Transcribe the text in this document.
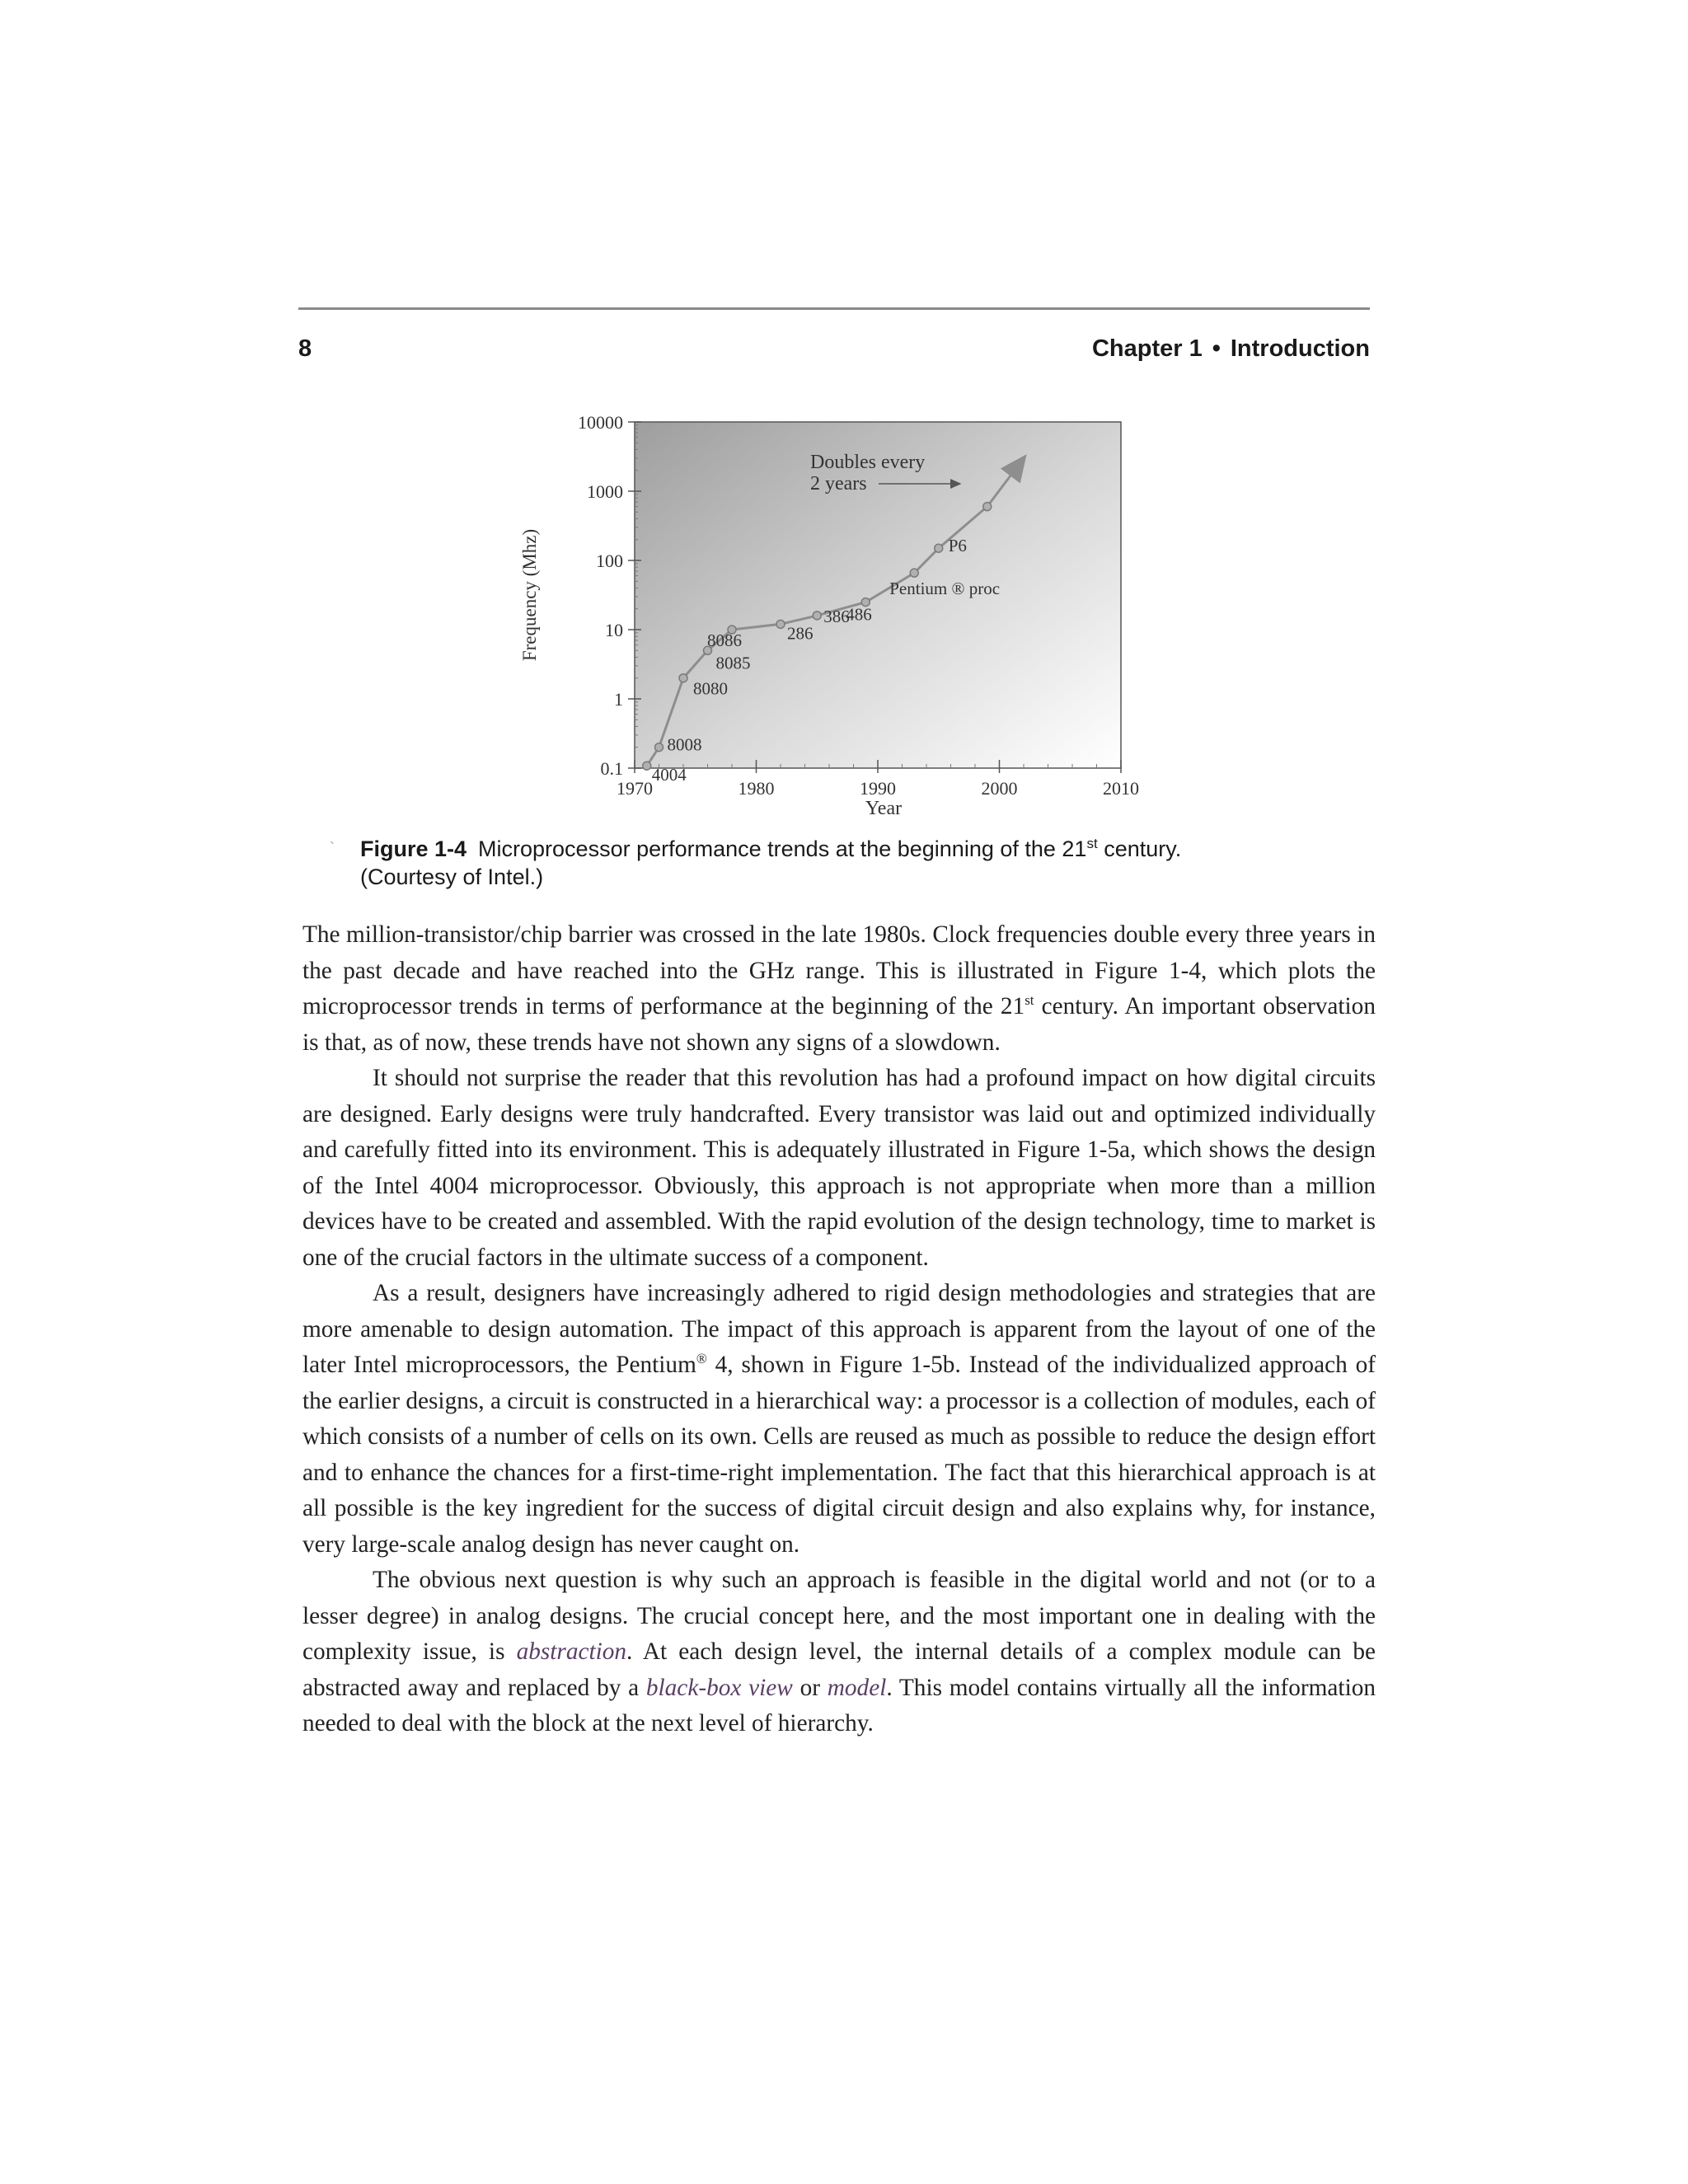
8	Chapter 1 • Introduction
0.1
1
10
100
1000
10000
1970	1980	1990	2000	2010
4004
8008
8080
8085
8086	286
386
486
Pentium ® proc
P6
Doubles every
2 years
Year
Frequency (Mhz)
` Figure 1-4 Microprocessor performance trends at the beginning of the 21st century.
(Courtesy of Intel.)

The million-transistor/chip barrier was crossed in the late 1980s. Clock frequencies double every three years in the past decade and have reached into the GHz range. This is illustrated in Figure 1-4, which plots the microprocessor trends in terms of performance at the beginning of the 21st century. An important observation is that, as of now, these trends have not shown any signs of a slowdown.

It should not surprise the reader that this revolution has had a profound impact on how digital circuits are designed. Early designs were truly handcrafted. Every transistor was laid out and optimized individually and carefully fitted into its environment. This is adequately illustrated in Figure 1-5a, which shows the design of the Intel 4004 microprocessor. Obviously, this approach is not appropriate when more than a million devices have to be created and assembled. With the rapid evolution of the design technology, time to market is one of the crucial factors in the ultimate success of a component.

As a result, designers have increasingly adhered to rigid design methodologies and strategies that are more amenable to design automation. The impact of this approach is apparent from the layout of one of the later Intel microprocessors, the Pentium® 4, shown in Figure 1-5b. Instead of the individualized approach of the earlier designs, a circuit is constructed in a hierarchical way: a processor is a collection of modules, each of which consists of a number of cells on its own. Cells are reused as much as possible to reduce the design effort and to enhance the chances for a first-time-right implementation. The fact that this hierarchical approach is at all possible is the key ingredient for the success of digital circuit design and also explains why, for instance, very large-scale analog design has never caught on.

The obvious next question is why such an approach is feasible in the digital world and not (or to a lesser degree) in analog designs. The crucial concept here, and the most important one in dealing with the complexity issue, is abstraction. At each design level, the internal details of a complex module can be abstracted away and replaced by a black-box view or model. This model contains virtually all the information needed to deal with the block at the next level of hierarchy.
